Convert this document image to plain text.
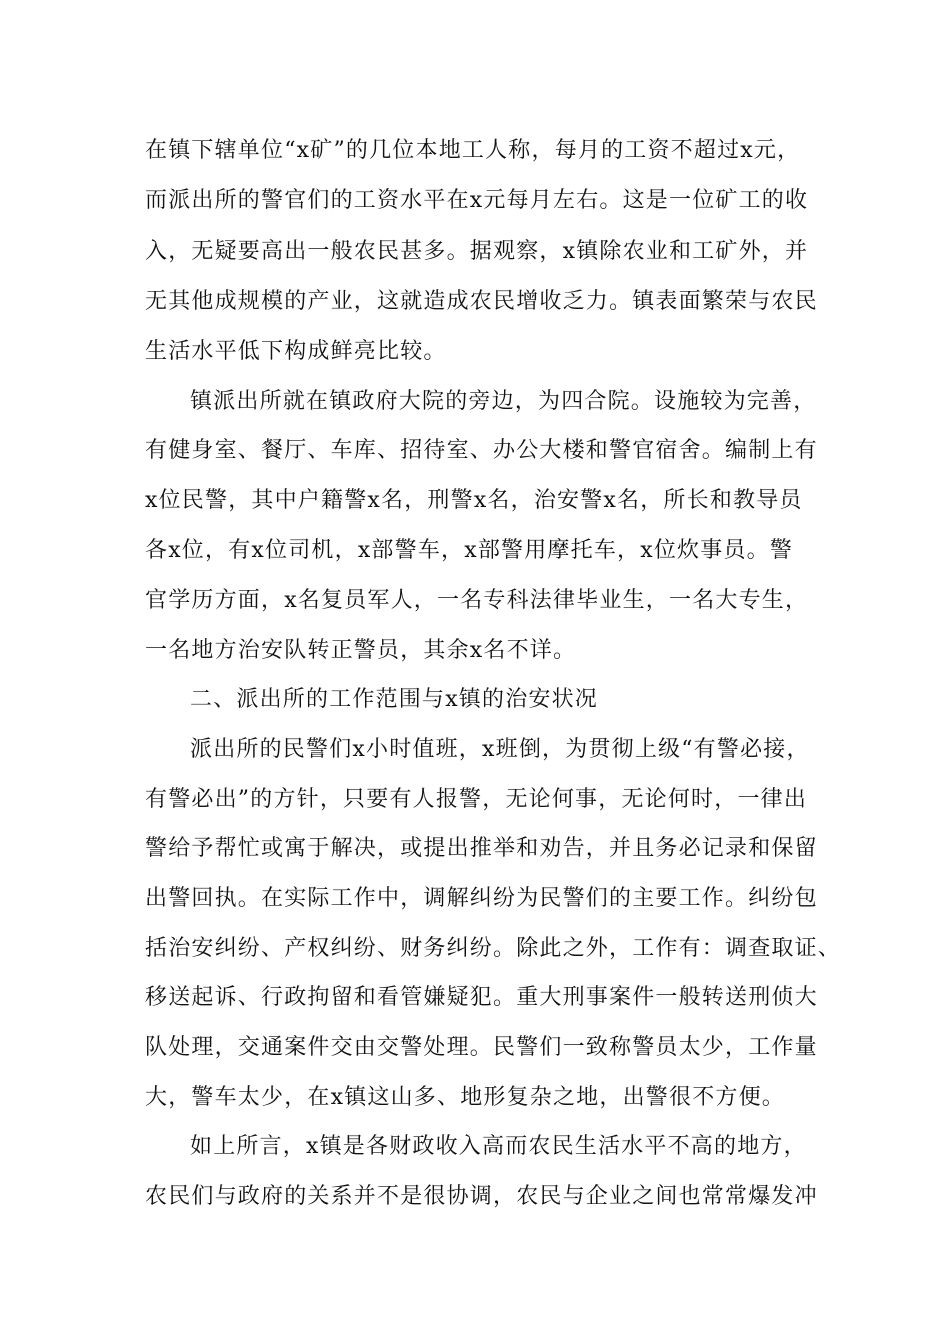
在镇下辖单位“x矿”的几位本地工人称，每月的工资不超过x元，

而派出所的警官们的工资水平在x元每月左右。这是一位矿工的收

入，无疑要高出一般农民甚多。据观察，x镇除农业和工矿外，并

无其他成规模的产业，这就造成农民增收乏力。镇表面繁荣与农民

生活水平低下构成鲜亮比较。

镇派出所就在镇政府大院的旁边，为四合院。设施较为完善，

有健身室、餐厅、车库、招待室、办公大楼和警官宿舍。编制上有

x位民警，其中户籍警x名，刑警x名，治安警x名，所长和教导员

各x位，有x位司机，x部警车，x部警用摩托车，x位炊事员。警

官学历方面，x名复员军人，一名专科法律毕业生，一名大专生，

一名地方治安队转正警员，其余x名不详。

二、派出所的工作范围与x镇的治安状况

派出所的民警们x小时值班，x班倒，为贯彻上级“有警必接，

有警必出”的方针，只要有人报警，无论何事，无论何时，一律出

警给予帮忙或寓于解决，或提出推举和劝告，并且务必记录和保留

出警回执。在实际工作中，调解纠纷为民警们的主要工作。纠纷包

括治安纠纷、产权纠纷、财务纠纷。除此之外，工作有：调查取证、

移送起诉、行政拘留和看管嫌疑犯。重大刑事案件一般转送刑侦大

队处理，交通案件交由交警处理。民警们一致称警员太少，工作量

大，警车太少，在x镇这山多、地形复杂之地，出警很不方便。

如上所言，x镇是各财政收入高而农民生活水平不高的地方，

农民们与政府的关系并不是很协调，农民与企业之间也常常爆发冲
